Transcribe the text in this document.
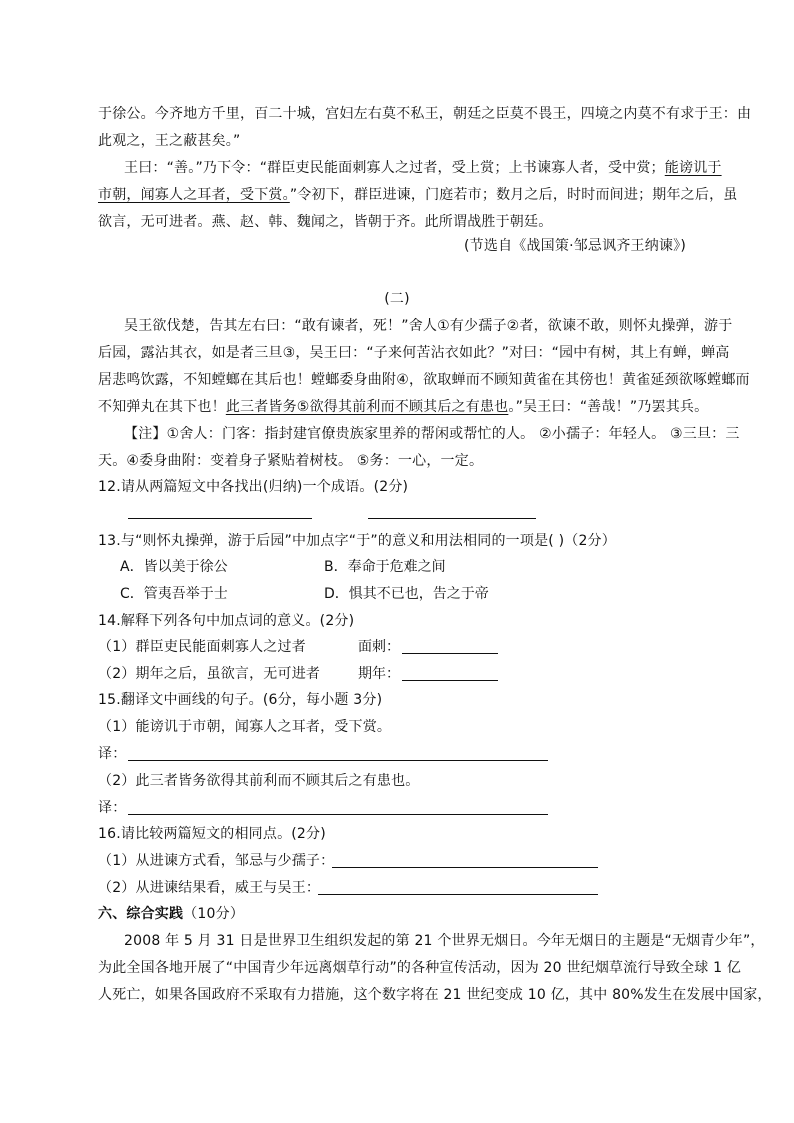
于徐公。今齐地方千里，百二十城，宫妇左右莫不私王，朝廷之臣莫不畏王，四境之内莫不有求于王：由
此观之，王之蔽甚矣。”
王曰：“善。”乃下令：“群臣吏民能面刺寡人之过者，受上赏；上书谏寡人者，受中赏；能谤讥于
市朝，闻寡人之耳者，受下赏。”令初下，群臣进谏，门庭若市；数月之后，时时而间进；期年之后，虽
欲言，无可进者。燕、赵、韩、魏闻之，皆朝于齐。此所谓战胜于朝廷。
(节选自《战国策·邹忌讽齐王纳谏》)
(二)
吴王欲伐楚，告其左右曰：“敢有谏者，死！”舍人①有少孺子②者，欲谏不敢，则怀丸操弹，游于
后园，露沾其衣，如是者三旦③，吴王曰：“子来何苦沾衣如此？”对曰：“园中有树，其上有蝉，蝉高
居悲鸣饮露，不知螳螂在其后也！螳螂委身曲附④，欲取蝉而不顾知黄雀在其傍也！黄雀延颈欲啄螳螂而
不知弹丸在其下也！此三者皆务⑤欲得其前利而不顾其后之有患也。”吴王曰：“善哉！”乃罢其兵。
【注】①舍人：门客：指封建官僚贵族家里养的帮闲或帮忙的人。 ②小孺子：年轻人。 ③三旦：三
天。④委身曲附：变着身子紧贴着树枝。 ⑤务：一心，一定。
12.请从两篇短文中各找出(归纳)一个成语。(2分)
13.与“则怀丸操弹，游于后园”中加点字“于”的意义和用法相同的一项是( )（2分）
A．皆以美于徐公	B．奉命于危难之间
C．管夷吾举于士	D．惧其不已也，告之于帝
14.解释下列各句中加点词的意义。(2分)
（1）群臣吏民能面刺寡人之过者	面刺：
（2）期年之后，虽欲言，无可进者	期年：
15.翻译文中画线的句子。(6分，每小题 3分)
（1）能谤讥于市朝，闻寡人之耳者，受下赏。
译：
（2）此三者皆务欲得其前利而不顾其后之有患也。
译：
16.请比较两篇短文的相同点。(2分)
（1）从进谏方式看，邹忌与少孺子：
（2）从进谏结果看，威王与吴王：
六、综合实践（10分）
2008 年 5 月 31 日是世界卫生组织发起的第 21 个世界无烟日。今年无烟日的主题是“无烟青少年”，
为此全国各地开展了“中国青少年远离烟草行动”的各种宣传活动，因为 20 世纪烟草流行导致全球 1 亿
人死亡，如果各国政府不采取有力措施，这个数字将在 21 世纪变成 10 亿，其中 80%发生在发展中国家，
